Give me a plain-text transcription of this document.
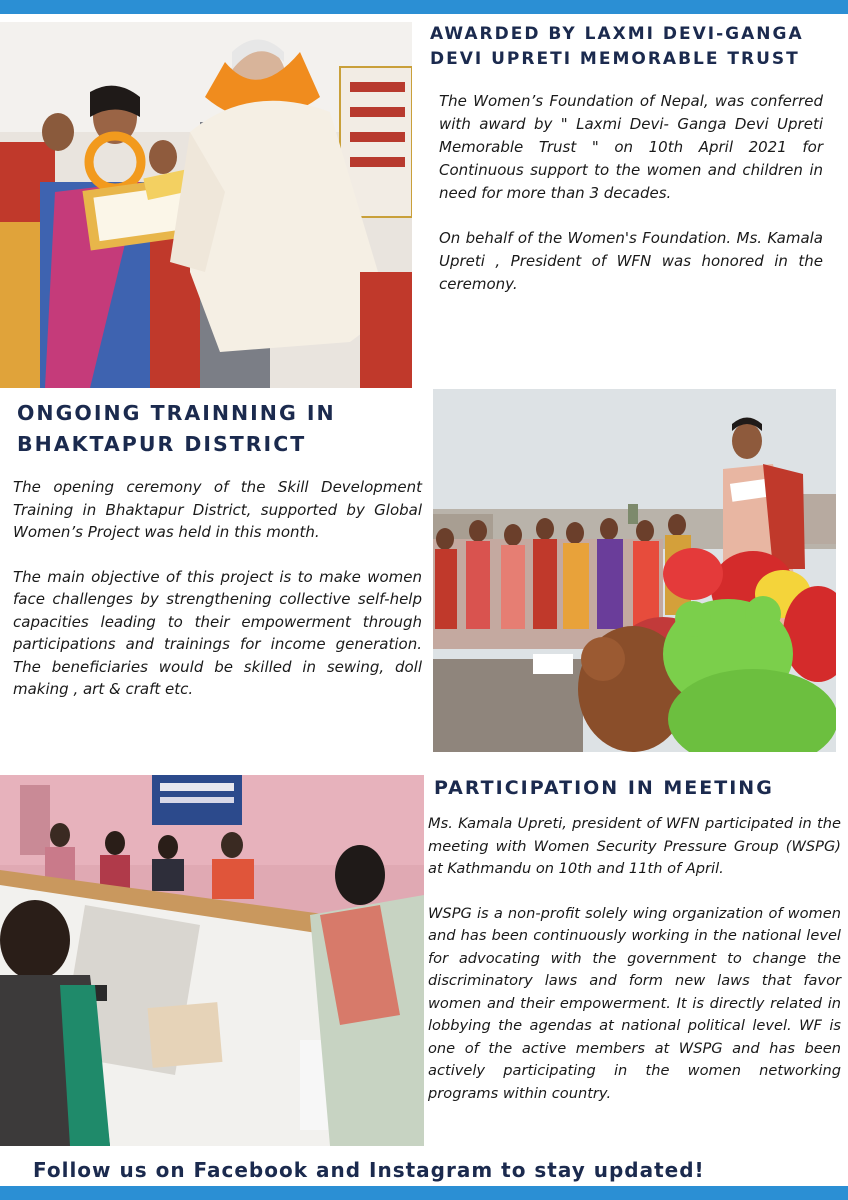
AWARDED BY LAXMI DEVI-GANGA DEVI UPRETI MEMORABLE TRUST

The Women’s Foundation of Nepal, was conferred with award by " Laxmi Devi- Ganga Devi Upreti Memorable Trust " on 10th April 2021 for Continuous support to the women and children in need for more than 3 decades.

On behalf of the Women's Foundation. Ms. Kamala Upreti , President of WFN was honored in the ceremony.

ONGOING TRAINNING IN BHAKTAPUR DISTRICT

The opening ceremony of the Skill Development Training in Bhaktapur District, supported by Global Women’s Project was held in this month.

The main objective of this project is to make women face challenges by strengthening collective self-help capacities leading to their empowerment through participations and trainings for income generation. The beneficiaries would be skilled in sewing, doll making , art & craft etc.

PARTICIPATION IN MEETING

Ms. Kamala Upreti, president of WFN participated in the meeting with Women Security Pressure Group (WSPG) at Kathmandu on 10th and 11th of April.

WSPG is a non-profit solely wing organization of women and has been continuously working in the national level for advocating with the government to change the discriminatory laws and form new laws that favor women and their empowerment. It is directly related in lobbying the agendas at national political level. WF is one of the active members at WSPG and has been actively participating in the women networking programs within country.

Follow us on Facebook and Instagram to stay updated!
